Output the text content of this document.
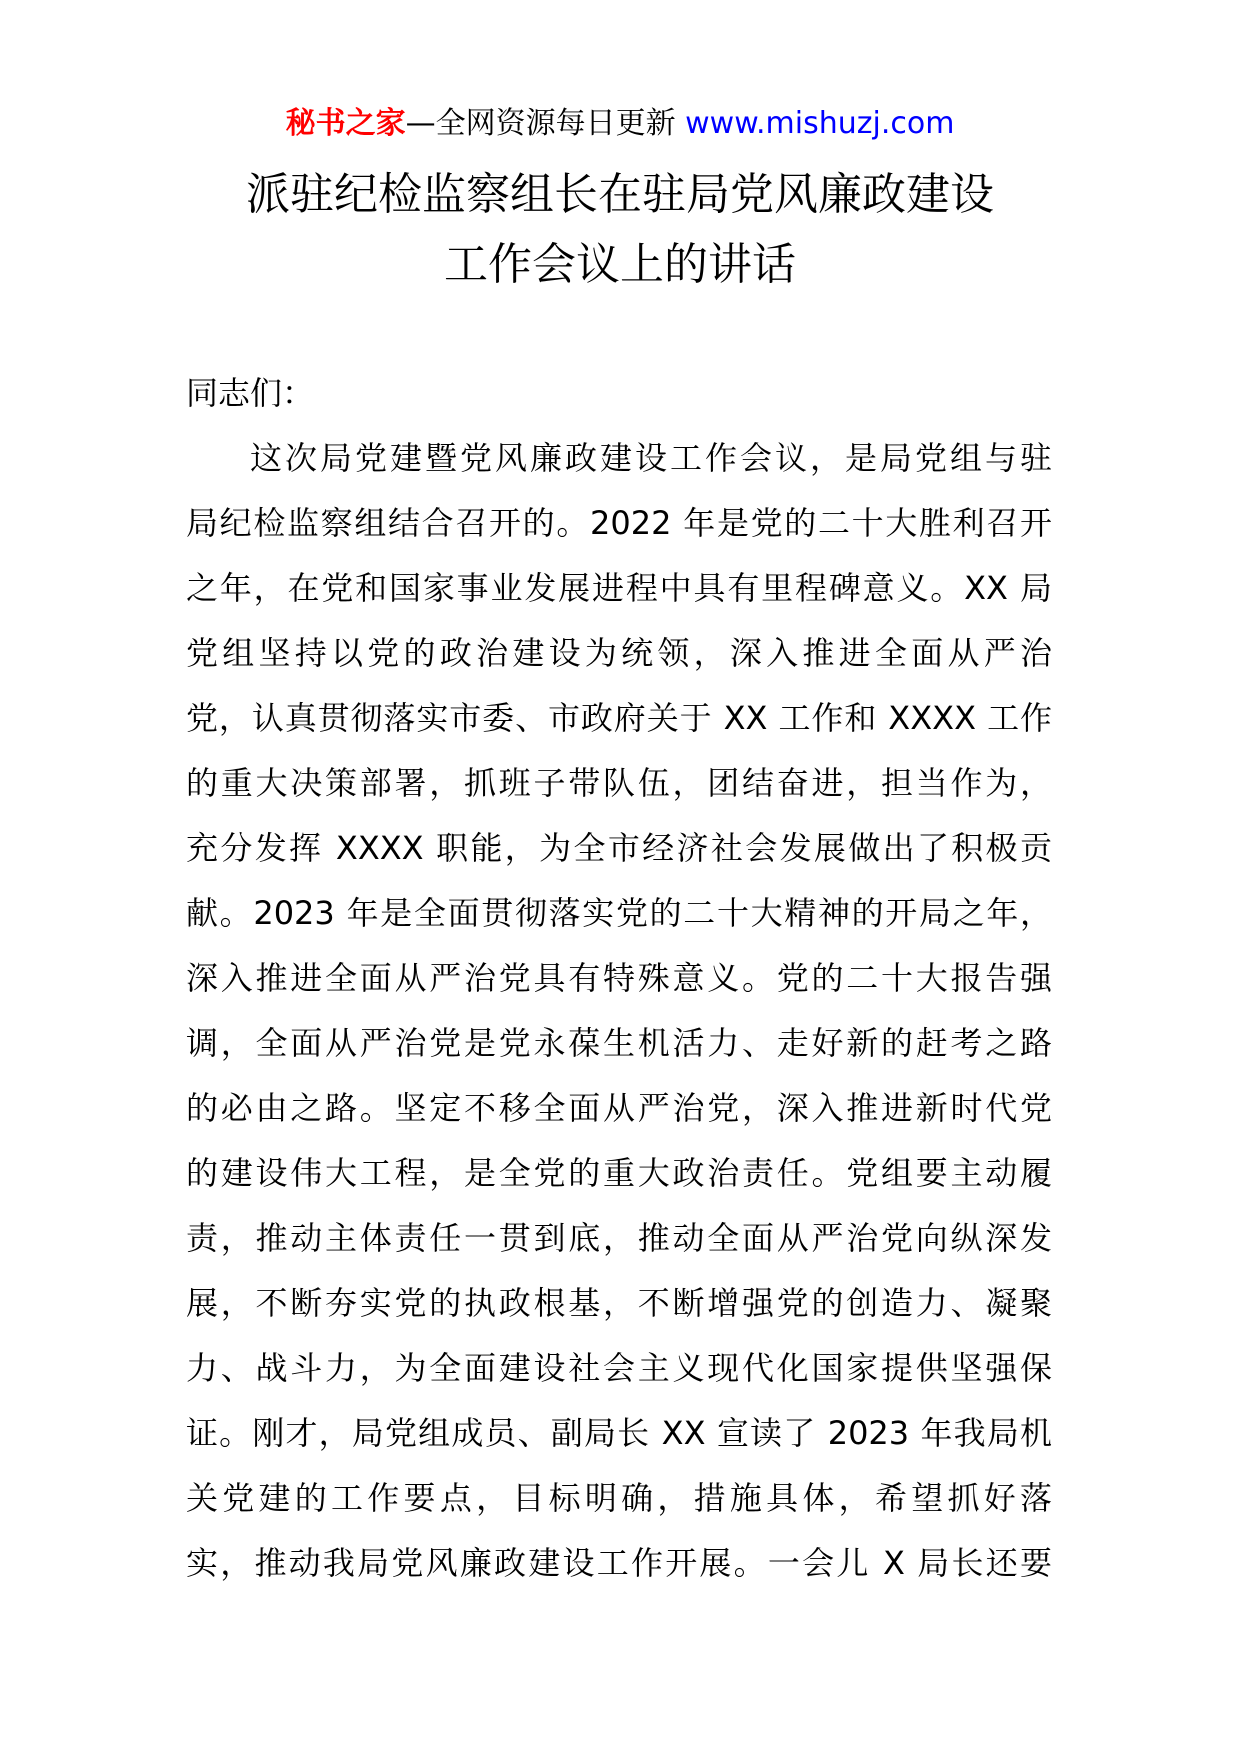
秘书之家—全网资源每日更新 www.mishuzj.com
派驻纪检监察组长在驻局党风廉政建设
工作会议上的讲话

同志们：

这次局党建暨党风廉政建设工作会议，是局党组与驻
局纪检监察组结合召开的。2022 年是党的二十大胜利召开
之年，在党和国家事业发展进程中具有里程碑意义。XX 局
党组坚持以党的政治建设为统领，深入推进全面从严治
党，认真贯彻落实市委、市政府关于 XX 工作和 XXXX 工作
的重大决策部署，抓班子带队伍，团结奋进，担当作为，
充分发挥 XXXX 职能，为全市经济社会发展做出了积极贡
献。2023 年是全面贯彻落实党的二十大精神的开局之年，
深入推进全面从严治党具有特殊意义。党的二十大报告强
调，全面从严治党是党永葆生机活力、走好新的赶考之路
的必由之路。坚定不移全面从严治党，深入推进新时代党
的建设伟大工程，是全党的重大政治责任。党组要主动履
责，推动主体责任一贯到底，推动全面从严治党向纵深发
展，不断夯实党的执政根基，不断增强党的创造力、凝聚
力、战斗力，为全面建设社会主义现代化国家提供坚强保
证。刚才，局党组成员、副局长 XX 宣读了 2023 年我局机
关党建的工作要点，目标明确，措施具体，希望抓好落
实，推动我局党风廉政建设工作开展。一会儿 X 局长还要
